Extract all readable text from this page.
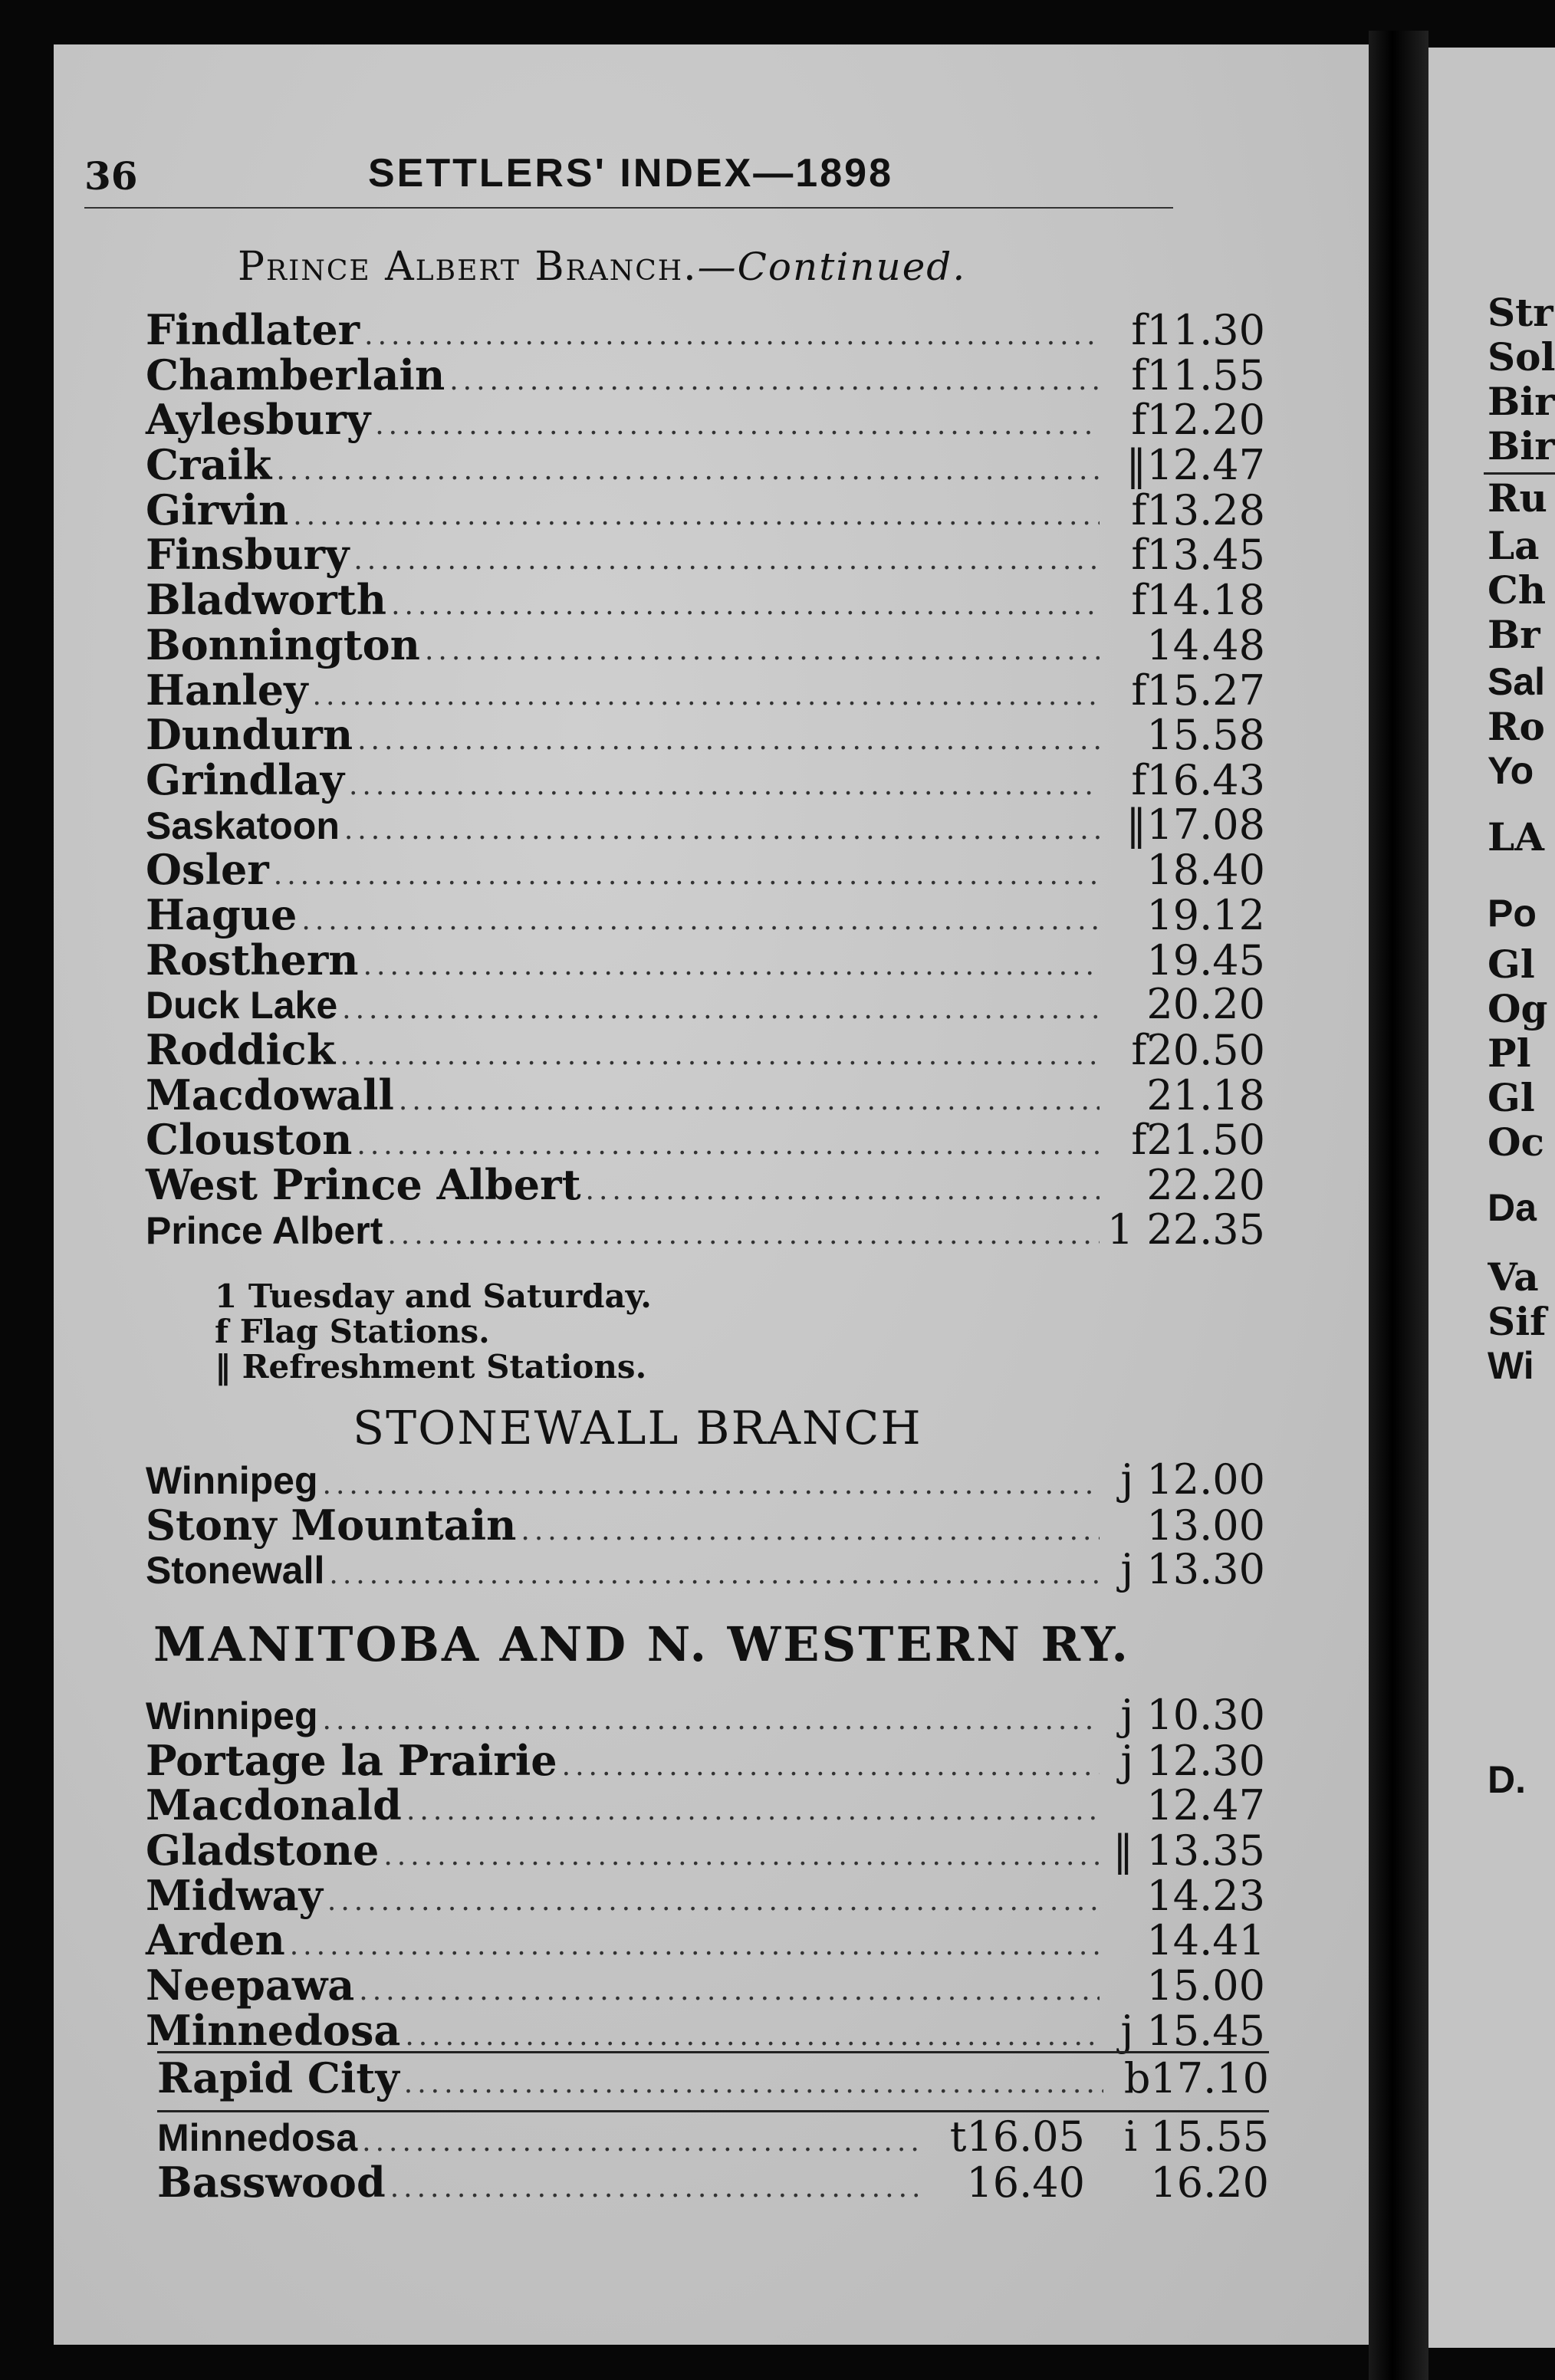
36	SETTLERS' INDEX—1898
Prince Albert Branch.—Continued.
Findlater .....	f11.30
Chamberlain .....	f11.55
Aylesbury .....	f12.20
Craik .....	‖12.47
Girvin .....	f13.28
Finsbury .....	f13.45
Bladworth .....	f14.18
Bonnington .....	14.48
Hanley .....	f15.27
Dundurn .....	15.58
Grindlay .....	f16.43
Saskatoon .....	‖17.08
Osler .....	18.40
Hague .....	19.12
Rosthern .....	19.45
Duck Lake .....	20.20
Roddick .....	f20.50
Macdowall .....	21.18
Clouston .....	f21.50
West Prince Albert .....	22.20
Prince Albert .....	1 22.35
1 Tuesday and Saturday.
f Flag Stations.
‖ Refreshment Stations.
STONEWALL BRANCH
Winnipeg .....	j 12.00
Stony Mountain .....	13.00
Stonewall .....	j 13.30
MANITOBA AND N. WESTERN RY.
Winnipeg .....	j 10.30
Portage la Prairie .....	j 12.30
Macdonald .....	12.47
Gladstone .....	‖ 13.35
Midway .....	14.23
Arden .....	14.41
Neepawa .....	15.00
Minnedosa .....	j 15.45
Rapid City .....	b17.10
Minnedosa .....	t16.05 i 15.55
Basswood .....	16.40	16.20
Str
Sol
Bir
Bir
Ru
La
Ch
Br
Sal
Ro
Yo
LA
Po
Gl
Og
Pl
Gl
Oc
Da
Va
Sif
Wi
D.
